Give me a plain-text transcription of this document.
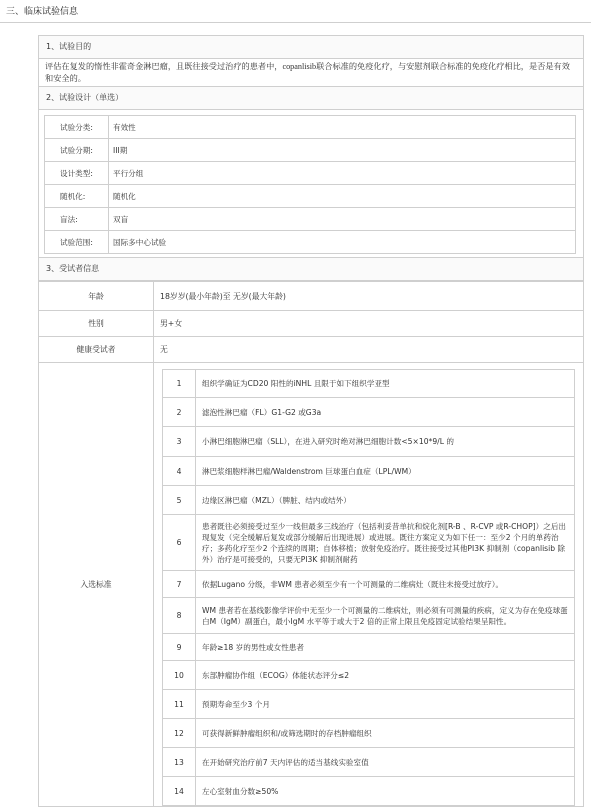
三、临床试验信息
1、试验目的
评估在复发的惰性非霍奇金淋巴瘤，且既往接受过治疗的患者中，copanlisib联合标准的免疫化疗，与安慰剂联合标准的免疫化疗相比，是否是有效和安全的。
2、试验设计（单选）
试验分类:	有效性
试验分期:	III期
设计类型:	平行分组
随机化:	随机化
盲法:	双盲
试验范围:	国际多中心试验
3、受试者信息
年龄	18岁岁(最小年龄)至 无岁(最大年龄)
性别	男+女
健康受试者	无
入选标准	
1	组织学确证为CD20 阳性的iNHL 且限于如下组织学亚型
2	滤泡性淋巴瘤（FL）G1-G2 或G3a
3	小淋巴细胞淋巴瘤（SLL），在进入研究时绝对淋巴细胞计数<5×10*9/L 的
4	淋巴浆细胞样淋巴瘤/Waldenstrom 巨球蛋白血症（LPL/WM）
5	边缘区淋巴瘤（MZL）（脾脏、结内或结外）
6	患者既往必须接受过至少一线但最多三线治疗（包括利妥昔单抗和烷化剂[R-B 、R-CVP 或R-CHOP]）之后出现复发（完全缓解后复发或部分缓解后出现进展）或进展。既往方案定义为如下任一：至少2 个月的单药治疗；多药化疗至少2 个连续的周期；自体移植；放射免疫治疗。既往接受过其他PI3K 抑制剂（copanlisib 除外）治疗是可接受的，只要无PI3K 抑制剂耐药
7	依据Lugano 分级，非WM 患者必须至少有一个可测量的二维病灶（既往未接受过放疗）。
8	WM 患者若在基线影像学评价中无至少一个可测量的二维病灶，则必须有可测量的疾病，定义为存在免疫球蛋白M（IgM）副蛋白，最小IgM 水平等于或大于2 倍的正常上限且免疫固定试验结果呈阳性。
9	年龄≥18 岁的男性或女性患者
10	东部肿瘤协作组（ECOG）体能状态评分≤2
11	预期寿命至少3 个月
12	可获得新鲜肿瘤组织和/或筛选期时的存档肿瘤组织
13	在开始研究治疗前7 天内评估的适当基线实验室值
14	左心室射血分数≥50%
